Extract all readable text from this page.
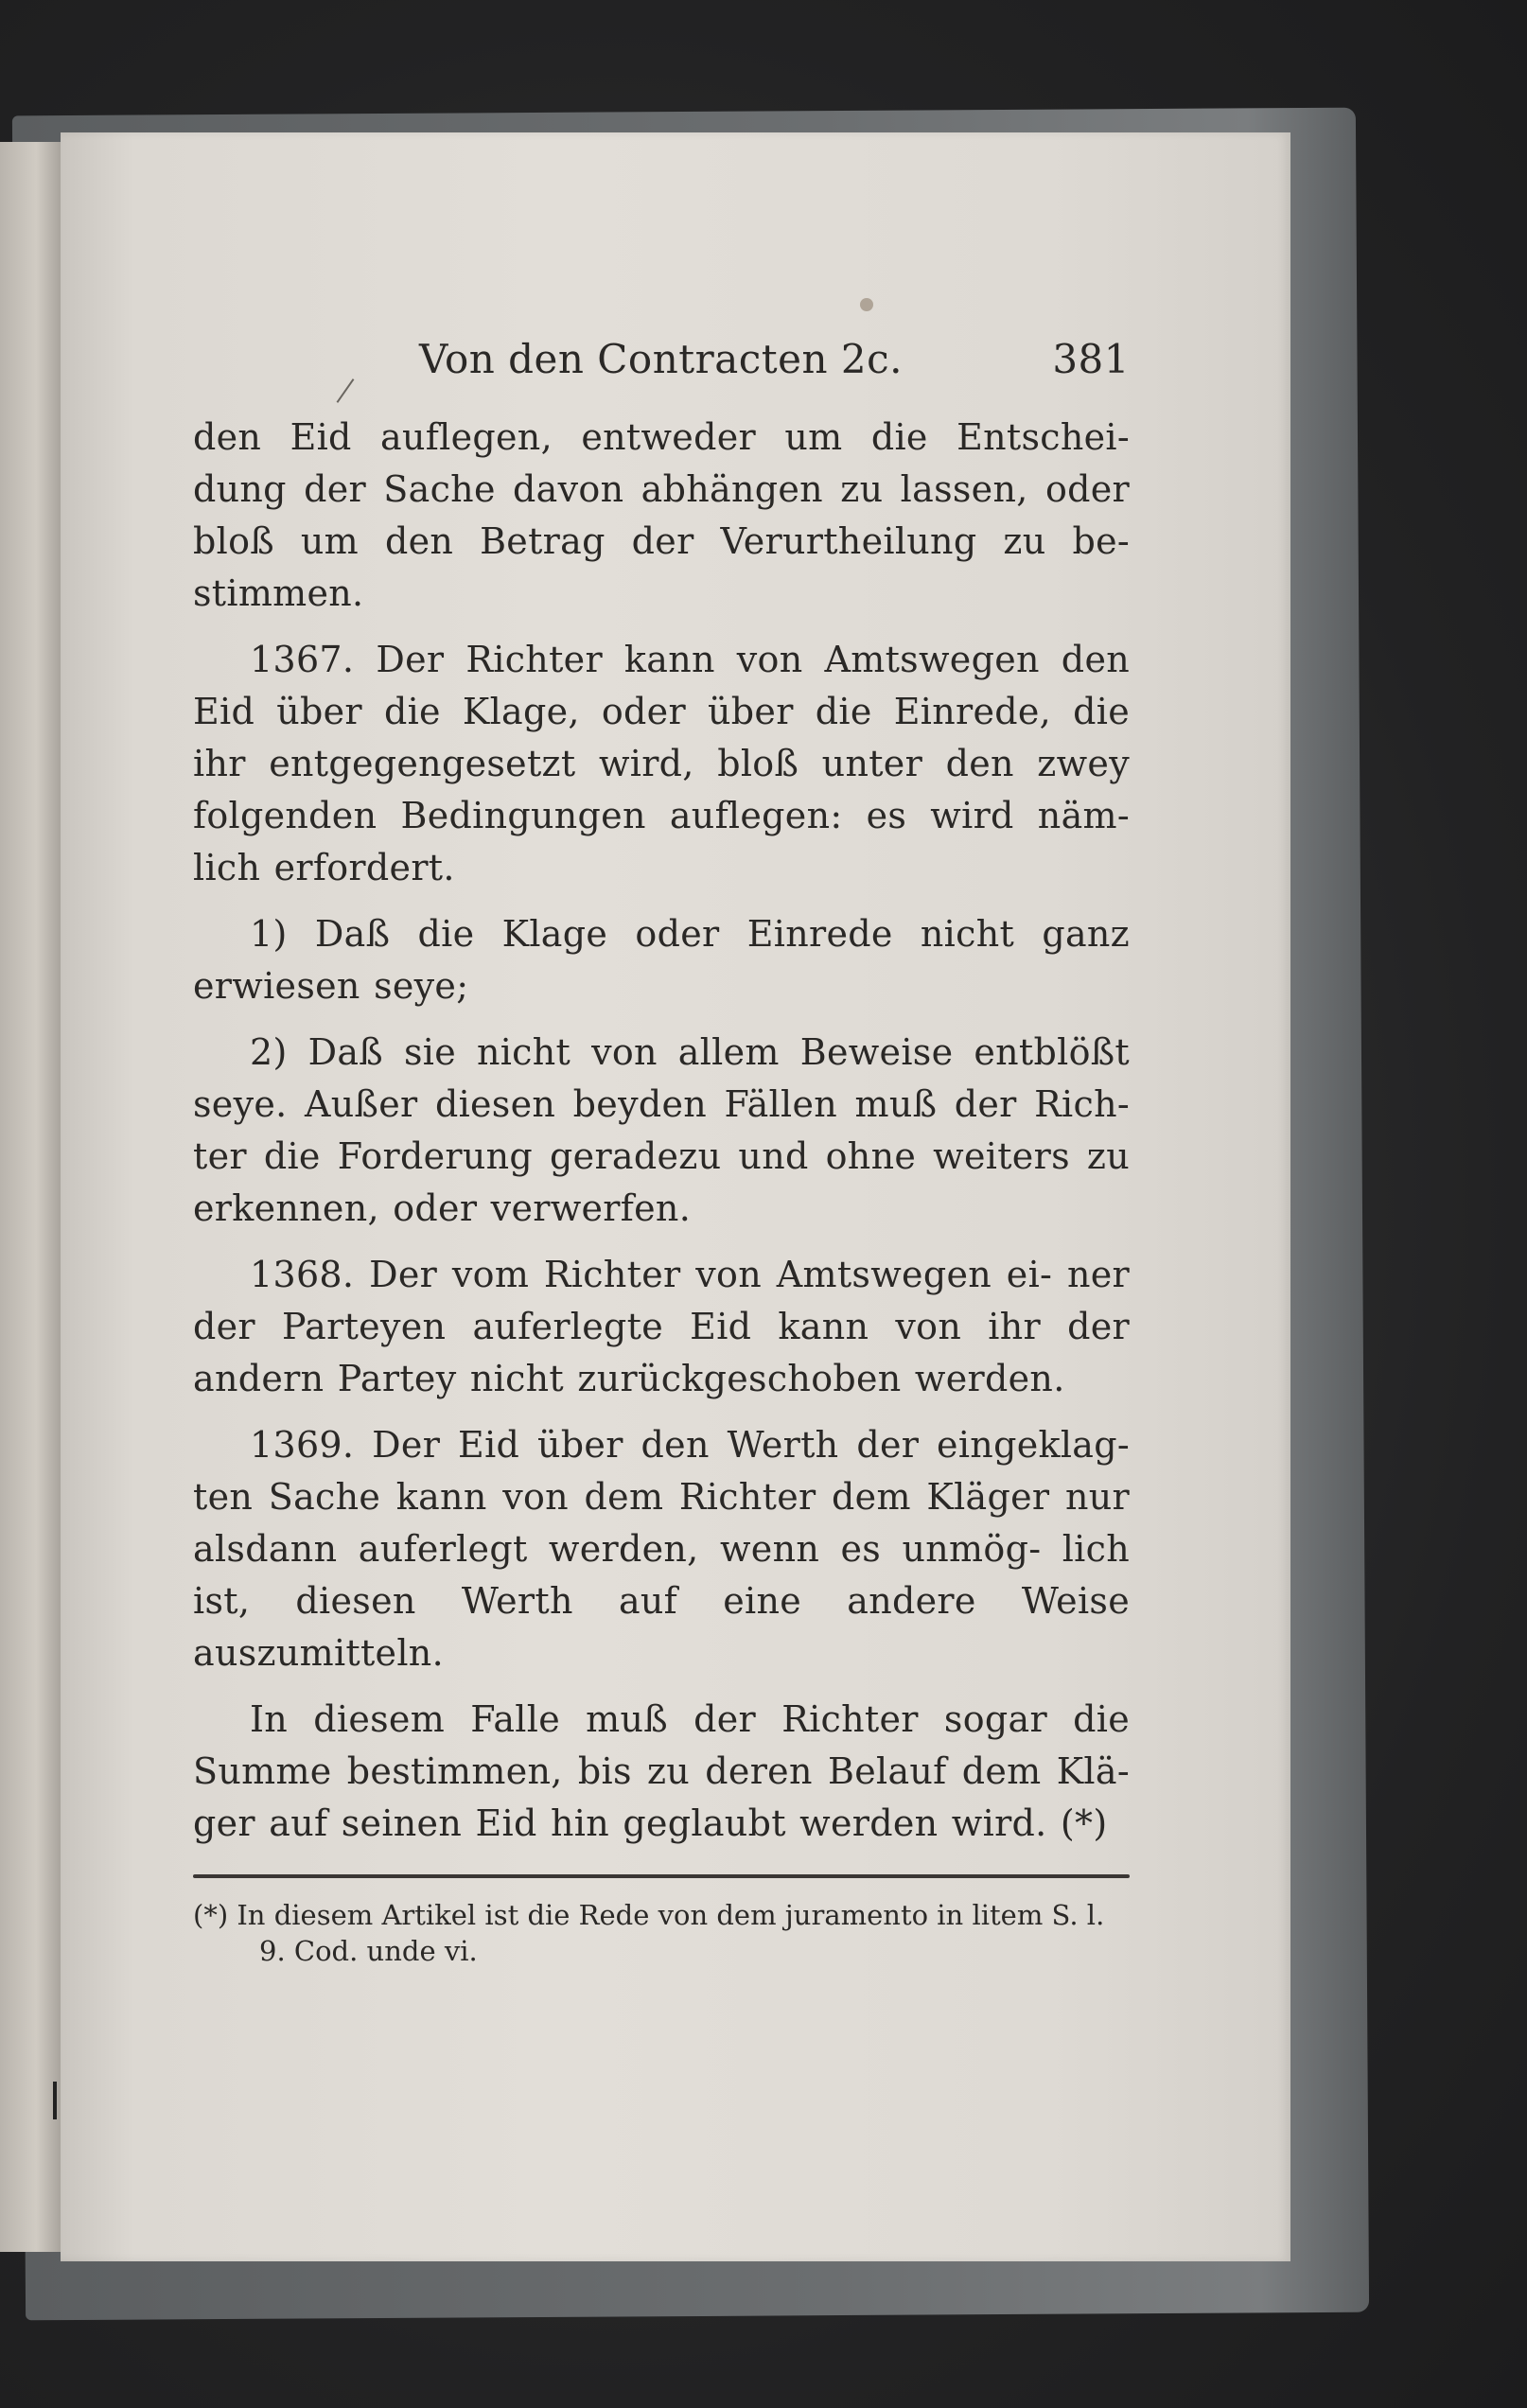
Von den Contracten 2c.	381

den Eid auflegen, entweder um die Entschei- dung der Sache davon abhängen zu lassen, oder bloß um den Betrag der Verurtheilung zu be- stimmen.

1367. Der Richter kann von Amtswegen den Eid über die Klage, oder über die Einrede, die ihr entgegengesetzt wird, bloß unter den zwey folgenden Bedingungen auflegen: es wird näm- lich erfordert.

1) Daß die Klage oder Einrede nicht ganz erwiesen seye;

2) Daß sie nicht von allem Beweise entblößt seye. Außer diesen beyden Fällen muß der Rich- ter die Forderung geradezu und ohne weiters zu erkennen, oder verwerfen.

1368. Der vom Richter von Amtswegen ei- ner der Parteyen auferlegte Eid kann von ihr der andern Partey nicht zurückgeschoben werden.

1369. Der Eid über den Werth der eingeklag- ten Sache kann von dem Richter dem Kläger nur alsdann auferlegt werden, wenn es unmög- lich ist, diesen Werth auf eine andere Weise auszumitteln.

In diesem Falle muß der Richter sogar die Summe bestimmen, bis zu deren Belauf dem Klä- ger auf seinen Eid hin geglaubt werden wird. (*)

(*) In diesem Artikel ist die Rede von dem juramento in litem S. l. 9. Cod. unde vi.
